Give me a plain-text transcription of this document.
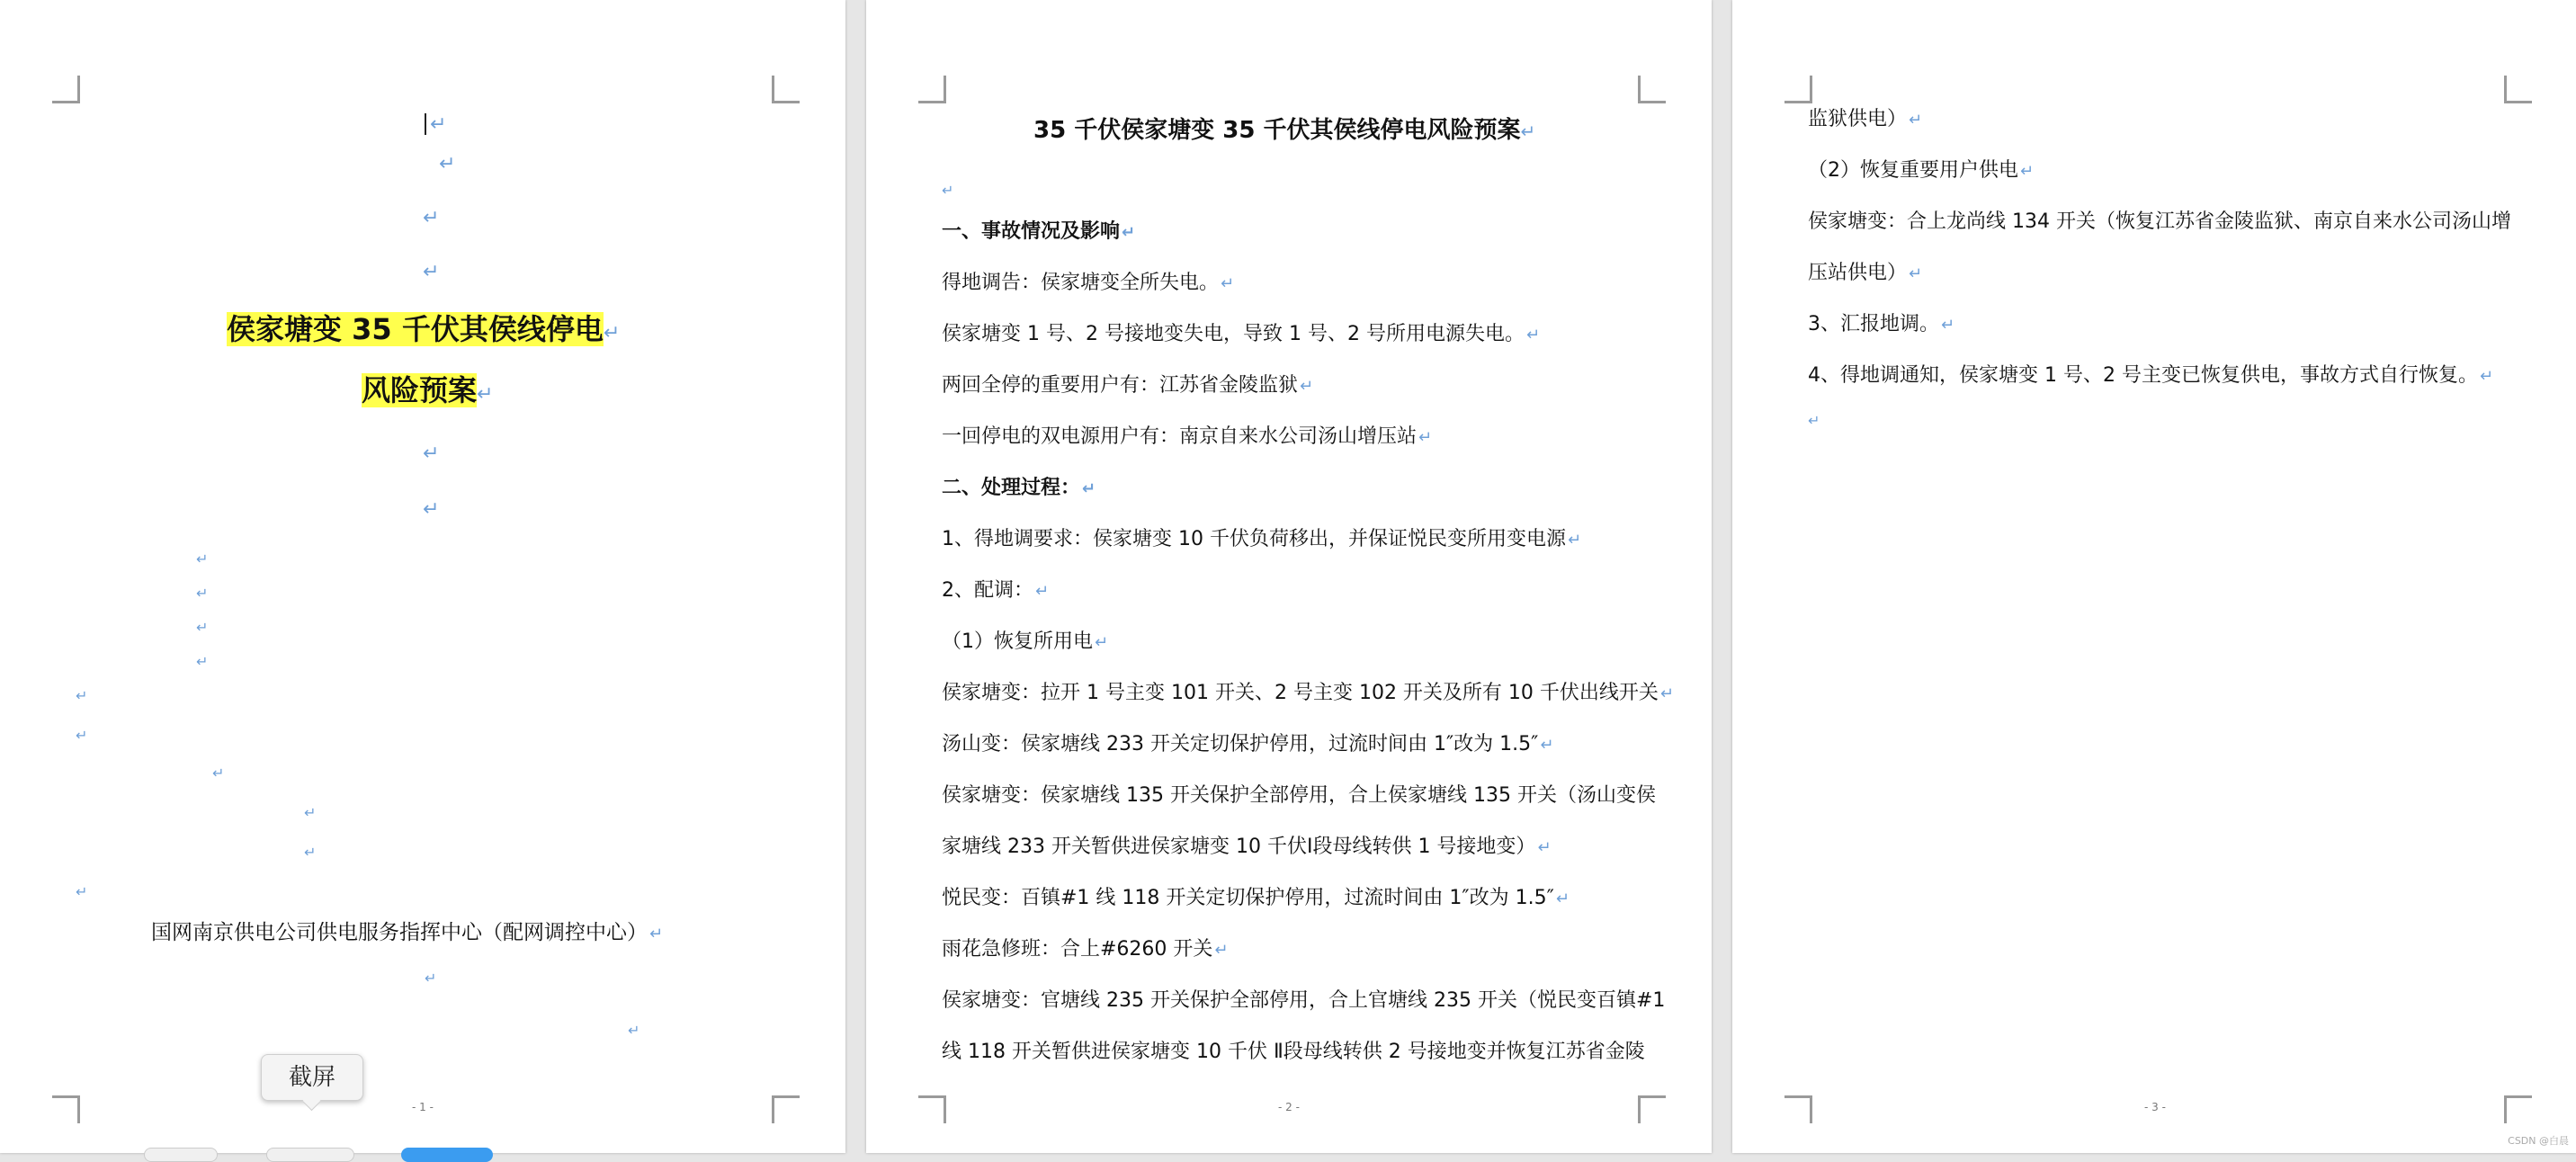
↵
↵
↵
↵
侯家塘变 35 千伏其侯线停电↵
风险预案↵
↵
↵
↵
↵
↵
↵
↵
↵
↵
↵
↵
↵
国网南京供电公司供电服务指挥中心（配网调控中心） ↵
↵
↵
- 1 -
35 千伏侯家塘变 35 千伏其侯线停电风险预案↵
↵
一、事故情况及影响 ↵
得地调告：侯家塘变全所失电。 ↵
侯家塘变 1 号、2 号接地变失电，导致 1 号、2 号所用电源失电。 ↵
两回全停的重要用户有：江苏省金陵监狱 ↵
一回停电的双电源用户有：南京自来水公司汤山增压站 ↵
二、处理过程： ↵
1、得地调要求：侯家塘变 10 千伏负荷移出，并保证悦民变所用变电源 ↵
2、配调： ↵
（1）恢复所用电 ↵
侯家塘变：拉开 1 号主变 101 开关、2 号主变 102 开关及所有 10 千伏出线开关 ↵
汤山变：侯家塘线 233 开关定切保护停用，过流时间由 1″改为 1.5″ ↵
侯家塘变：侯家塘线 135 开关保护全部停用，合上侯家塘线 135 开关（汤山变侯
家塘线 233 开关暂供进侯家塘变 10 千伏Ⅰ段母线转供 1 号接地变） ↵
悦民变：百镇#1 线 118 开关定切保护停用，过流时间由 1″改为 1.5″ ↵
雨花急修班：合上#6260 开关 ↵
侯家塘变：官塘线 235 开关保护全部停用，合上官塘线 235 开关（悦民变百镇#1
线 118 开关暂供进侯家塘变 10 千伏 Ⅱ段母线转供 2 号接地变并恢复江苏省金陵
- 2 -
监狱供电） ↵
（2）恢复重要用户供电 ↵
侯家塘变：合上龙尚线 134 开关（恢复江苏省金陵监狱、南京自来水公司汤山增
压站供电） ↵
3、汇报地调。 ↵
4、得地调通知，侯家塘变 1 号、2 号主变已恢复供电，事故方式自行恢复。 ↵
↵
- 3 -
CSDN @白晨
截屏
